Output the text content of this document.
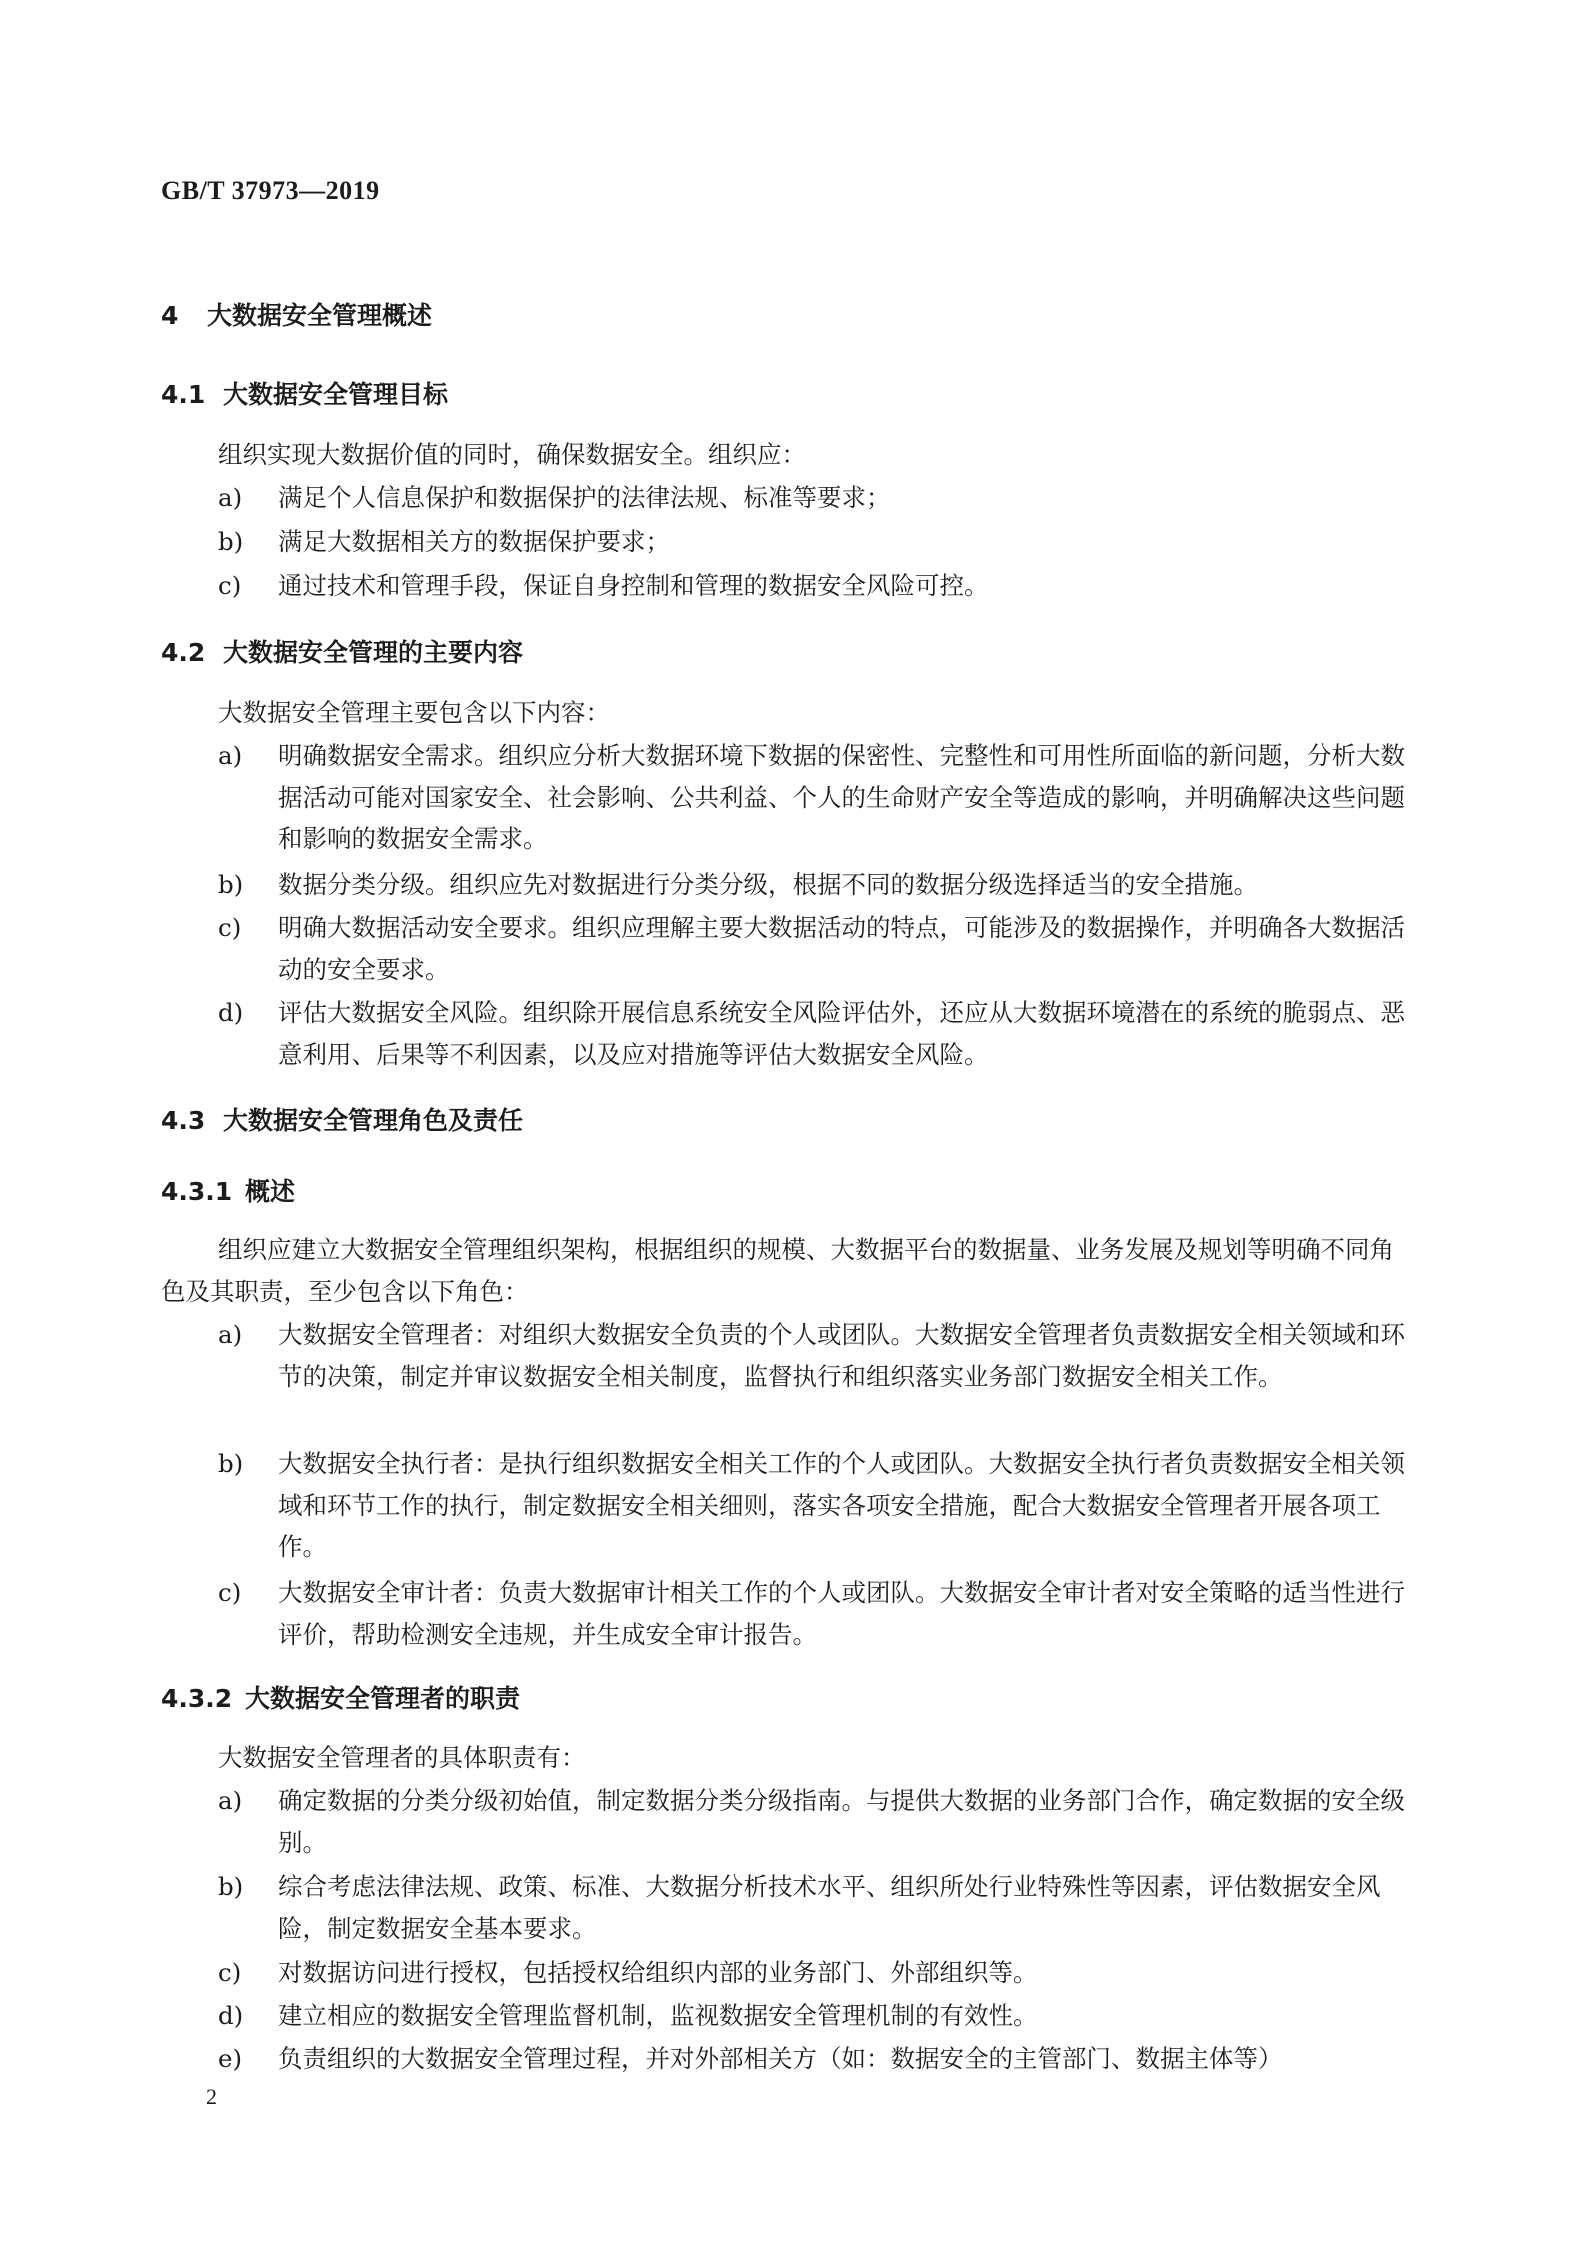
GB/T 37973—2019
4 大数据安全管理概述
4.1 大数据安全管理目标
组织实现大数据价值的同时，确保数据安全。组织应：
a) 满足个人信息保护和数据保护的法律法规、标准等要求；
b) 满足大数据相关方的数据保护要求；
c) 通过技术和管理手段，保证自身控制和管理的数据安全风险可控。
4.2 大数据安全管理的主要内容
大数据安全管理主要包含以下内容：
a) 明确数据安全需求。组织应分析大数据环境下数据的保密性、完整性和可用性所面临的新问题，分析大数据活动可能对国家安全、社会影响、公共利益、个人的生命财产安全等造成的影响，并明确解决这些问题和影响的数据安全需求。
b) 数据分类分级。组织应先对数据进行分类分级，根据不同的数据分级选择适当的安全措施。
c) 明确大数据活动安全要求。组织应理解主要大数据活动的特点，可能涉及的数据操作，并明确各大数据活动的安全要求。
d) 评估大数据安全风险。组织除开展信息系统安全风险评估外，还应从大数据环境潜在的系统的脆弱点、恶意利用、后果等不利因素，以及应对措施等评估大数据安全风险。
4.3 大数据安全管理角色及责任
4.3.1 概述
组织应建立大数据安全管理组织架构，根据组织的规模、大数据平台的数据量、业务发展及规划等明确不同角色及其职责，至少包含以下角色：
a) 大数据安全管理者：对组织大数据安全负责的个人或团队。大数据安全管理者负责数据安全相关领域和环节的决策，制定并审议数据安全相关制度，监督执行和组织落实业务部门数据安全相关工作。
b) 大数据安全执行者：是执行组织数据安全相关工作的个人或团队。大数据安全执行者负责数据安全相关领域和环节工作的执行，制定数据安全相关细则，落实各项安全措施，配合大数据安全管理者开展各项工作。
c) 大数据安全审计者：负责大数据审计相关工作的个人或团队。大数据安全审计者对安全策略的适当性进行评价，帮助检测安全违规，并生成安全审计报告。
4.3.2 大数据安全管理者的职责
大数据安全管理者的具体职责有：
a) 确定数据的分类分级初始值，制定数据分类分级指南。与提供大数据的业务部门合作，确定数据的安全级别。
b) 综合考虑法律法规、政策、标准、大数据分析技术水平、组织所处行业特殊性等因素，评估数据安全风险，制定数据安全基本要求。
c) 对数据访问进行授权，包括授权给组织内部的业务部门、外部组织等。
d) 建立相应的数据安全管理监督机制，监视数据安全管理机制的有效性。
e) 负责组织的大数据安全管理过程，并对外部相关方（如：数据安全的主管部门、数据主体等）
2
